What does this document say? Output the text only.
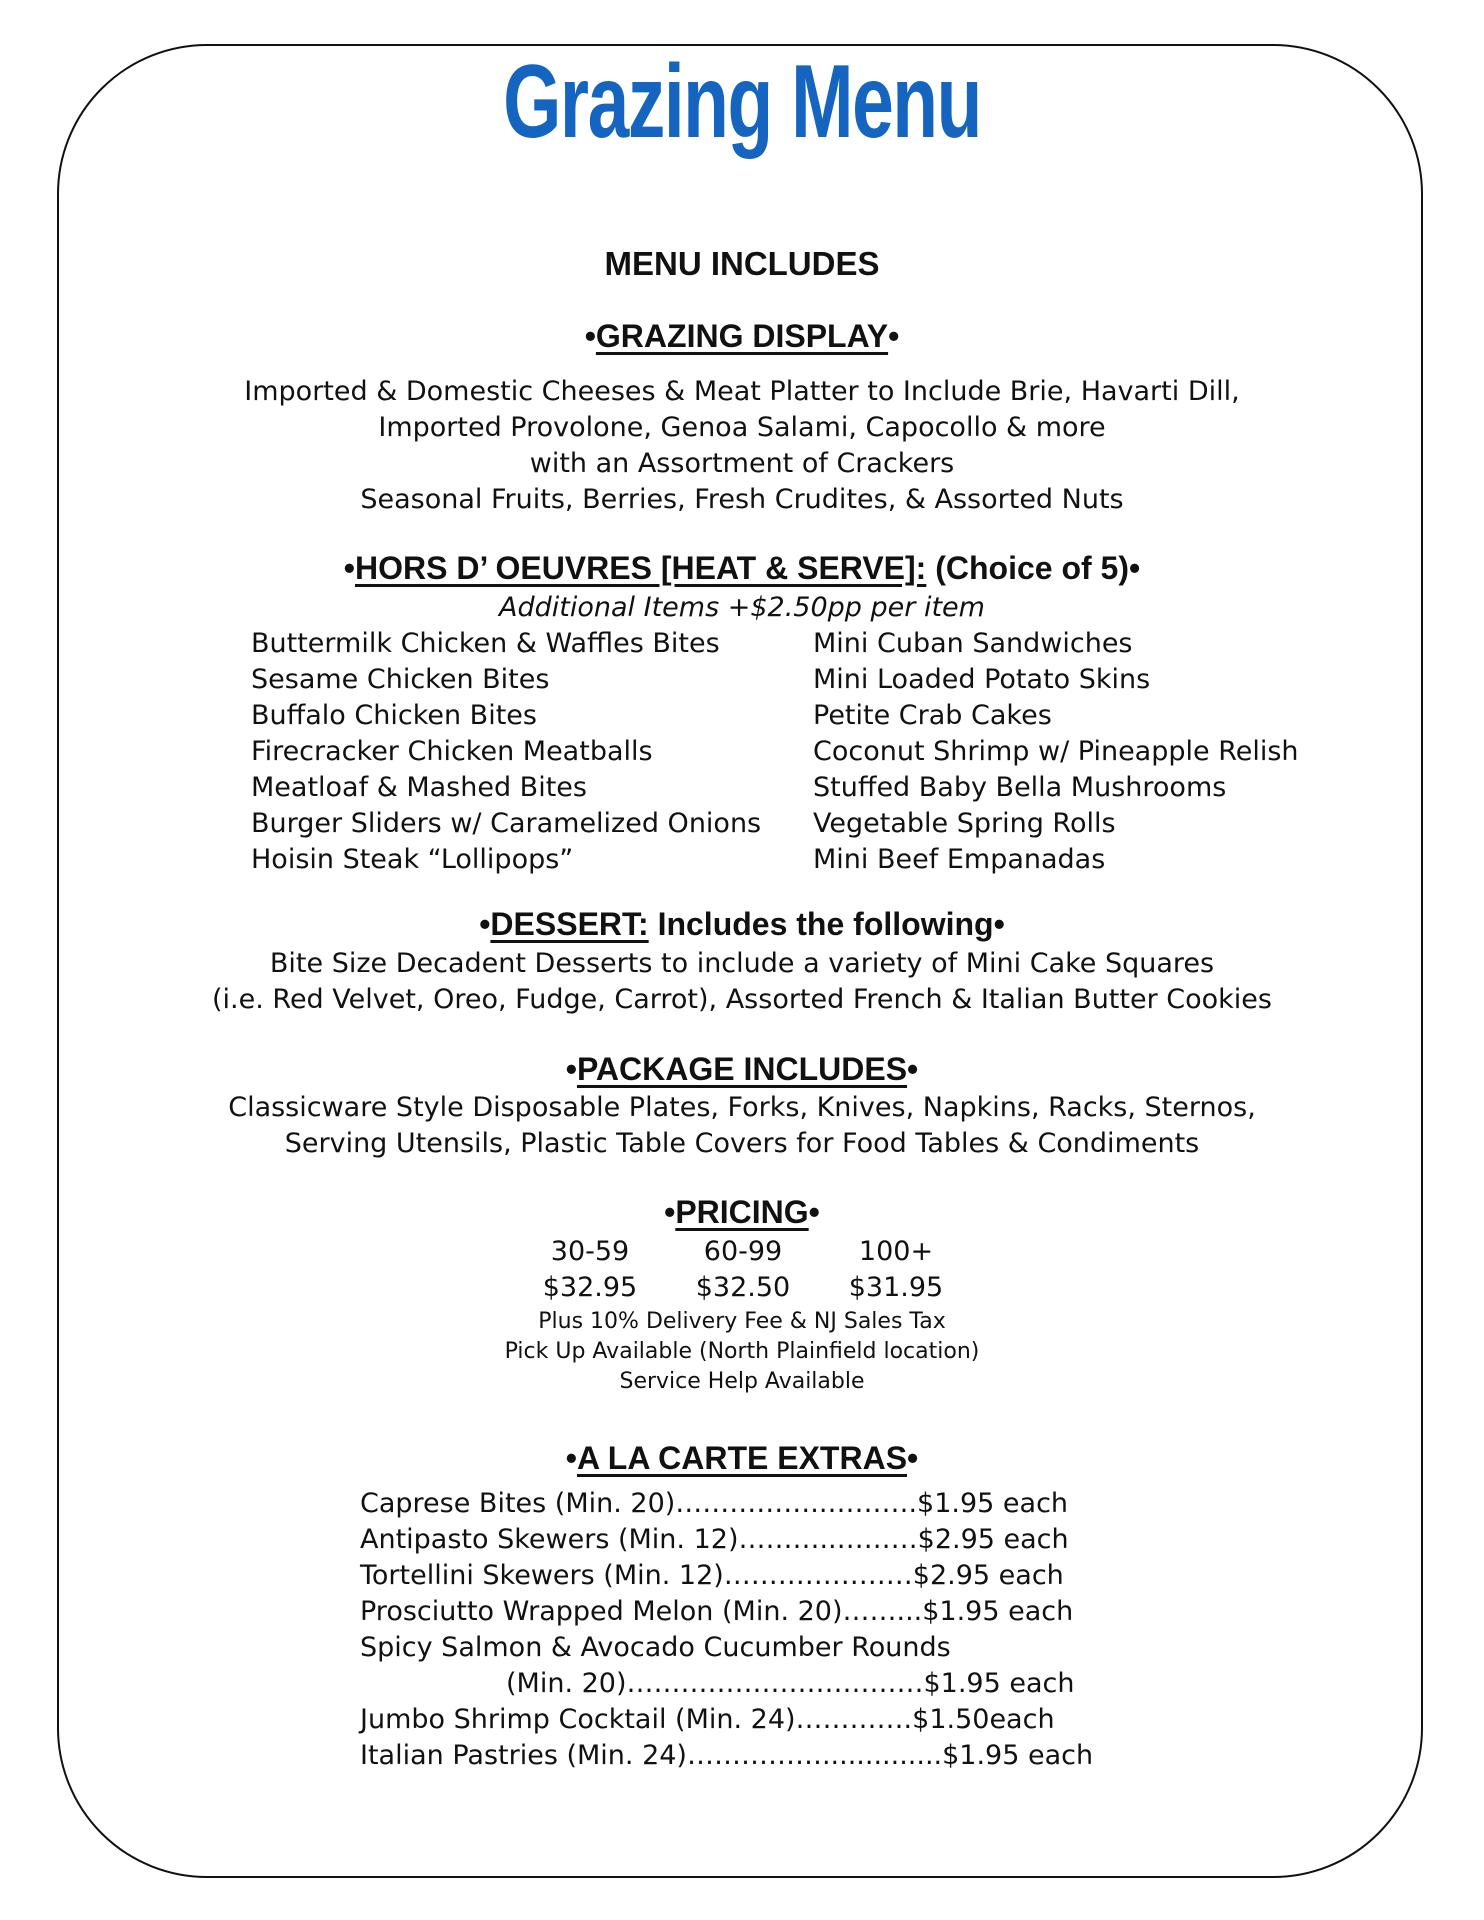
Grazing Menu
MENU INCLUDES
•GRAZING DISPLAY•
Imported & Domestic Cheeses & Meat Platter to Include Brie, Havarti Dill,
Imported Provolone, Genoa Salami, Capocollo & more
with an Assortment of Crackers
Seasonal Fruits, Berries, Fresh Crudites, & Assorted Nuts
•HORS D’ OEUVRES [HEAT & SERVE]: (Choice of 5)•
Additional Items +$2.50pp per item
Buttermilk Chicken & Waffles Bites
Sesame Chicken Bites
Buffalo Chicken Bites
Firecracker Chicken Meatballs
Meatloaf & Mashed Bites
Burger Sliders w/ Caramelized Onions
Hoisin Steak “Lollipops”
Mini Cuban Sandwiches
Mini Loaded Potato Skins
Petite Crab Cakes
Coconut Shrimp w/ Pineapple Relish
Stuffed Baby Bella Mushrooms
Vegetable Spring Rolls
Mini Beef Empanadas
•DESSERT: Includes the following•
Bite Size Decadent Desserts to include a variety of Mini Cake Squares
(i.e. Red Velvet, Oreo, Fudge, Carrot), Assorted French & Italian Butter Cookies
•PACKAGE INCLUDES•
Classicware Style Disposable Plates, Forks, Knives, Napkins, Racks, Sternos,
Serving Utensils, Plastic Table Covers for Food Tables & Condiments
•PRICING•
30-59
$32.95
60-99
$32.50
100+
$31.95
Plus 10% Delivery Fee & NJ Sales Tax
Pick Up Available (North Plainfield location)
Service Help Available
•A LA CARTE EXTRAS•
Caprese Bites (Min. 20)……………..……….$1.95 each
Antipasto Skewers (Min. 12)………..………$2.95 each
Tortellini Skewers (Min. 12)…………………$2.95 each
Prosciutto Wrapped Melon (Min. 20)……...$1.95 each
Spicy Salmon & Avocado Cucumber Rounds
(Min. 20)……………………………$1.95 each
Jumbo Shrimp Cocktail (Min. 24)………….$1.50each
Italian Pastries (Min. 24)……………..............$1.95 each
